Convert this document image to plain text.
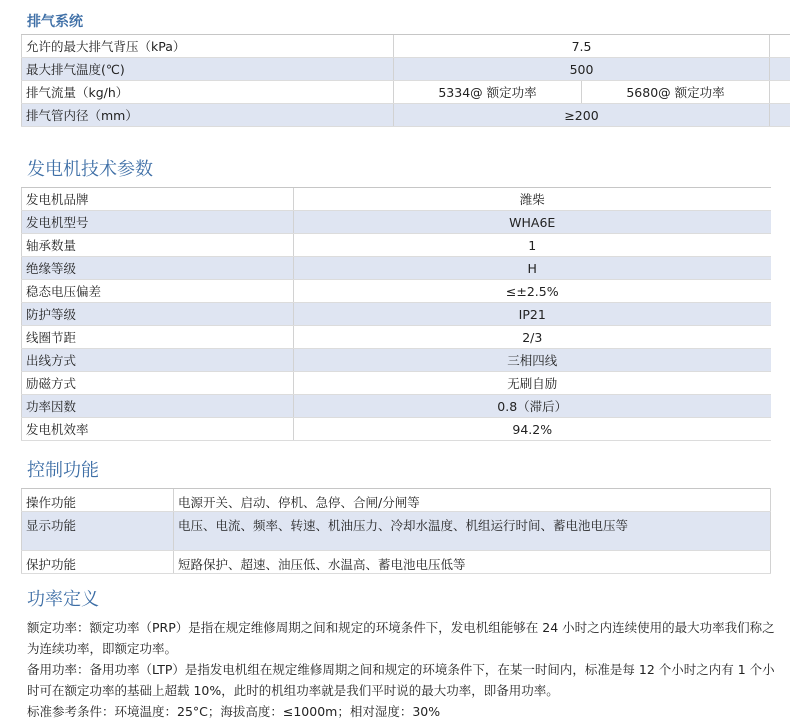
排气系统
允许的最大排气背压（kPa）	7.5		
最大排气温度(℃)	500		
排气流量（kg/h）	5334@ 额定功率	5680@ 额定功率	
排气管内径（mm）	≥200		
发电机技术参数
发电机品牌	潍柴
发电机型号	WHA6E
轴承数量	1
绝缘等级	H
稳态电压偏差	≤±2.5%
防护等级	IP21
线圈节距	2/3
出线方式	三相四线
励磁方式	无刷自励
功率因数	0.8（滞后）
发电机效率	94.2%
控制功能
操作功能	电源开关、启动、停机、急停、合闸/分闸等
显示功能	电压、电流、频率、转速、机油压力、冷却水温度、机组运行时间、蓄电池电压等
保护功能	短路保护、超速、油压低、水温高、蓄电池电压低等
功率定义

额定功率：额定功率（PRP）是指在规定维修周期之间和规定的环境条件下，发电机组能够在 24 小时之内连续使用的最大功率我们称之为连续功率，即额定功率。

备用功率：备用功率（LTP）是指发电机组在规定维修周期之间和规定的环境条件下，在某一时间内，标准是每 12 个小时之内有 1 个小时可在额定功率的基础上超载 10%，此时的机组功率就是我们平时说的最大功率，即备用功率。

标准参考条件：环境温度：25°C；海拔高度：≤1000m；相对湿度：30%
